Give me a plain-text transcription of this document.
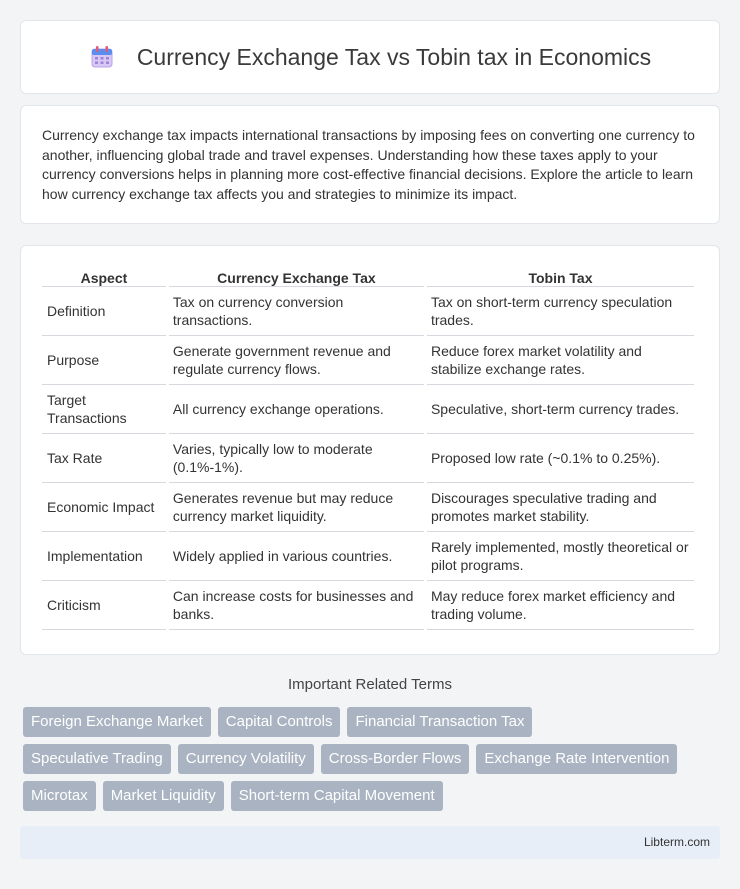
Currency Exchange Tax vs Tobin tax in Economics

Currency exchange tax impacts international transactions by imposing fees on converting one currency to another, influencing global trade and travel expenses. Understanding how these taxes apply to your currency conversions helps in planning more cost-effective financial decisions. Explore the article to learn how currency exchange tax affects you and strategies to minimize its impact.

Aspect	Currency Exchange Tax	Tobin Tax
Definition	Tax on currency conversion transactions.	Tax on short-term currency speculation trades.
Purpose	Generate government revenue and regulate currency flows.	Reduce forex market volatility and stabilize exchange rates.
Target Transactions	All currency exchange operations.	Speculative, short-term currency trades.
Tax Rate	Varies, typically low to moderate (0.1%-1%).	Proposed low rate (~0.1% to 0.25%).
Economic Impact	Generates revenue but may reduce currency market liquidity.	Discourages speculative trading and promotes market stability.
Implementation	Widely applied in various countries.	Rarely implemented, mostly theoretical or pilot programs.
Criticism	Can increase costs for businesses and banks.	May reduce forex market efficiency and trading volume.
Important Related Terms
Foreign Exchange Market	Capital Controls	Financial Transaction Tax
Speculative Trading	Currency Volatility	Cross-Border Flows	Exchange Rate Intervention
Microtax	Market Liquidity	Short-term Capital Movement
Libterm.com
